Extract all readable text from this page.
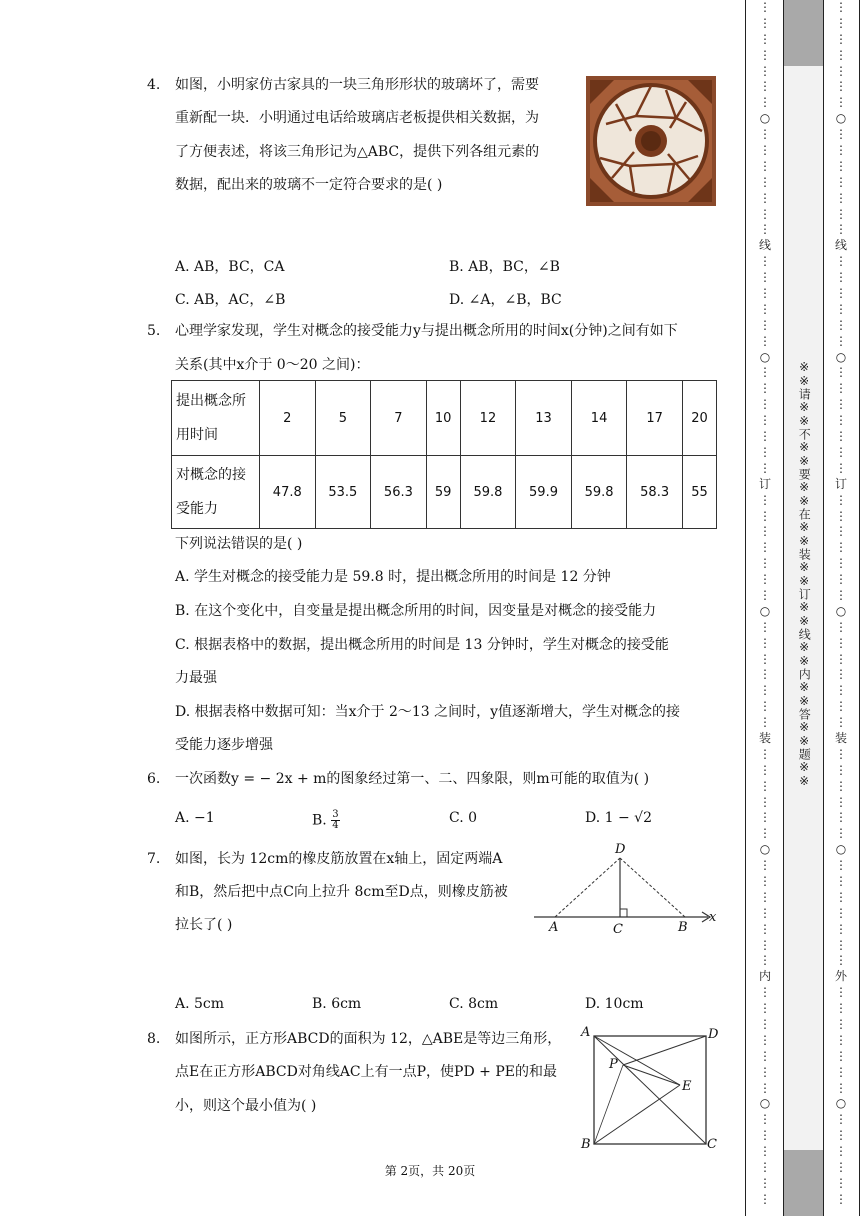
4. 如图，小明家仿古家具的一块三角形形状的玻璃坏了，需要
重新配一块．小明通过电话给玻璃店老板提供相关数据，为
了方便表述，将该三角形记为△ABC，提供下列各组元素的
数据，配出来的玻璃不一定符合要求的是( )
A. AB，BC，CA	B. AB，BC，∠B
C. AB，AC，∠B	D. ∠A，∠B，BC
5. 心理学家发现，学生对概念的接受能力y与提出概念所用的时间x(分钟)之间有如下
关系(其中x介于 0～20 之间)：
提出概念所用时间	2	5	7	10	12	13	14	17	20

对概念的接受能力	47.8	53.5	56.3	59	59.8	59.9	59.8	58.3	55
下列说法错误的是( )
A. 学生对概念的接受能力是 59.8 时，提出概念所用的时间是 12 分钟
B. 在这个变化中，自变量是提出概念所用的时间，因变量是对概念的接受能力
C. 根据表格中的数据，提出概念所用的时间是 13 分钟时，学生对概念的接受能
力最强
D. 根据表格中数据可知：当x介于 2～13 之间时，y值逐渐增大，学生对概念的接
受能力逐步增强
6. 一次函数y = − 2x + m的图象经过第一、二、四象限，则m可能的取值为( )
A. −1	B. $\frac{3}{4}$	C. 0	D. 1 − √2
7. 如图，长为 12cm的橡皮筋放置在x轴上，固定两端A
和B，然后把中点C向上拉升 8cm至D点，则橡皮筋被
拉长了( )
D
A	C	B
x
A. 5cm	B. 6cm	C. 8cm	D. 10cm
8. 如图所示，正方形ABCD的面积为 12，△ABE是等边三角形，
点E在正方形ABCD对角线AC上有一点P，使PD + PE的和最
小，则这个最小值为( )
A	D
P
E
B	C
第 2页，共 20页
⋮
⋮
⋮
⋮
⋮
⋮
⋮
○
⋮
⋮
⋮
⋮
⋮
⋮
⋮
线
⋮
⋮
⋮
⋮
⋮
⋮
○
⋮
⋮
⋮
⋮
⋮
⋮
⋮
订
⋮
⋮
⋮
⋮
⋮
⋮
⋮
○
⋮
⋮
⋮
⋮
⋮
⋮
⋮
装
⋮
⋮
⋮
⋮
⋮
⋮
○
⋮
⋮
⋮
⋮
⋮
⋮
⋮
内
⋮
⋮
⋮
⋮
⋮
⋮
⋮
○
⋮
⋮
⋮
⋮
⋮
⋮
⋮
⋮
⋮
⋮
⋮
⋮
⋮
○
⋮
⋮
⋮
⋮
⋮
⋮
⋮
线
⋮
⋮
⋮
⋮
⋮
⋮
○
⋮
⋮
⋮
⋮
⋮
⋮
⋮
订
⋮
⋮
⋮
⋮
⋮
⋮
⋮
○
⋮
⋮
⋮
⋮
⋮
⋮
⋮
装
⋮
⋮
⋮
⋮
⋮
⋮
○
⋮
⋮
⋮
⋮
⋮
⋮
⋮
外
⋮
⋮
⋮
⋮
⋮
⋮
⋮
○
⋮
⋮
⋮
⋮
⋮
⋮
※※请※※不※※要※※在※※装※※订※※线※※内※※答※※题※※
